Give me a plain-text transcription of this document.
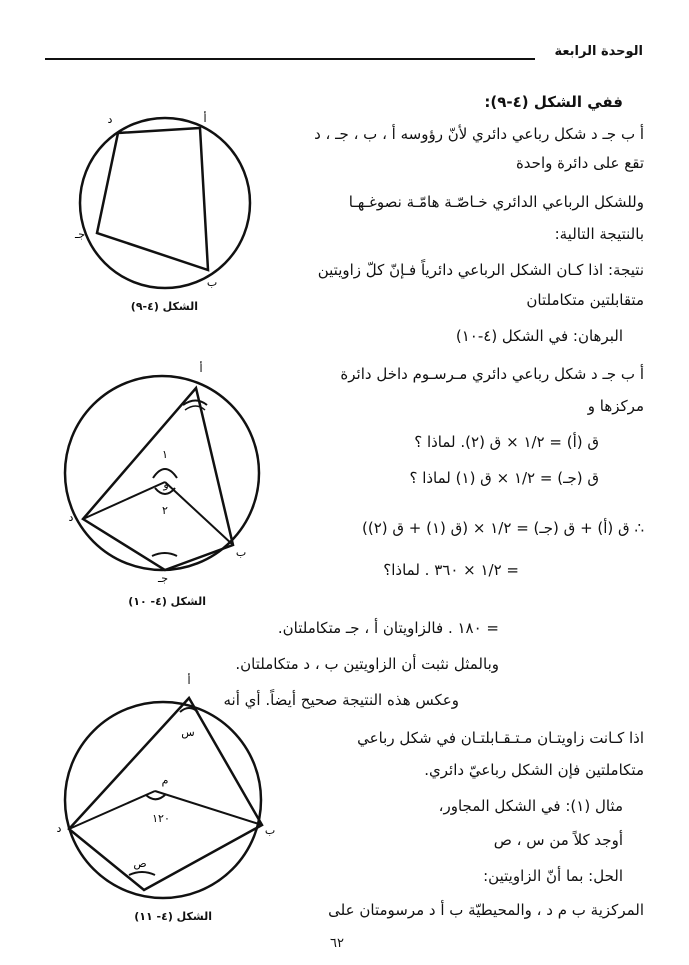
الوحدة الرابعة
ففي الشكل (٤-٩):
أ ب جـ د شكل رباعي دائري لأنّ رؤوسه أ ، ب ، جـ ، د
تقع على دائرة واحدة
وللشكل الرباعي الدائري خـاصّـة هامّـة نصوغـهـا
بالنتيجة التالية:
نتيجة: اذا كـان الشكل الرباعي دائرياً فـإنّ كلّ زاويتين
متقابلتين متكاملتان
البرهان: في الشكل (٤-١٠)
أ ب جـ د شكل رباعي دائري مـرسـوم داخل دائرة
مركزها و
ق (أ) = ١/٢ × ق (٢). لماذا ؟
ق (جـ) = ١/٢ × ق (١) لماذا ؟
∴ ق (أ) + ق (جـ) = ١/٢ × (ق (١) + ق (٢))
= ١/٢ × ٣٦٠ . لماذا؟
= ١٨٠ . فالزاويتان أ ، جـ متكاملتان.
وبالمثل نثبت أن الزاويتين ب ، د متكاملتان.
وعكس هذه النتيجة صحيح أيضاً. أي أنه
اذا كـانت زاويتـان مـتـقـابلتـان في شكل رباعي
متكاملتين فإن الشكل رباعيّ دائري.
مثال (١): في الشكل المجاور،
أوجد كلاً من س ، ص
الحل: بما أنّ الزاويتين:
المركزية ب م د ، والمحيطيّة ب أ د مرسومتان على
أ
د
جـ
ب
الشكل (٤-٩)
أ
ب
جـ
د
١
و
٢
الشكل (٤- ١٠)
أ
ب
د
م
س
١٢٠
ص
الشكل (٤- ١١)
٦٢
